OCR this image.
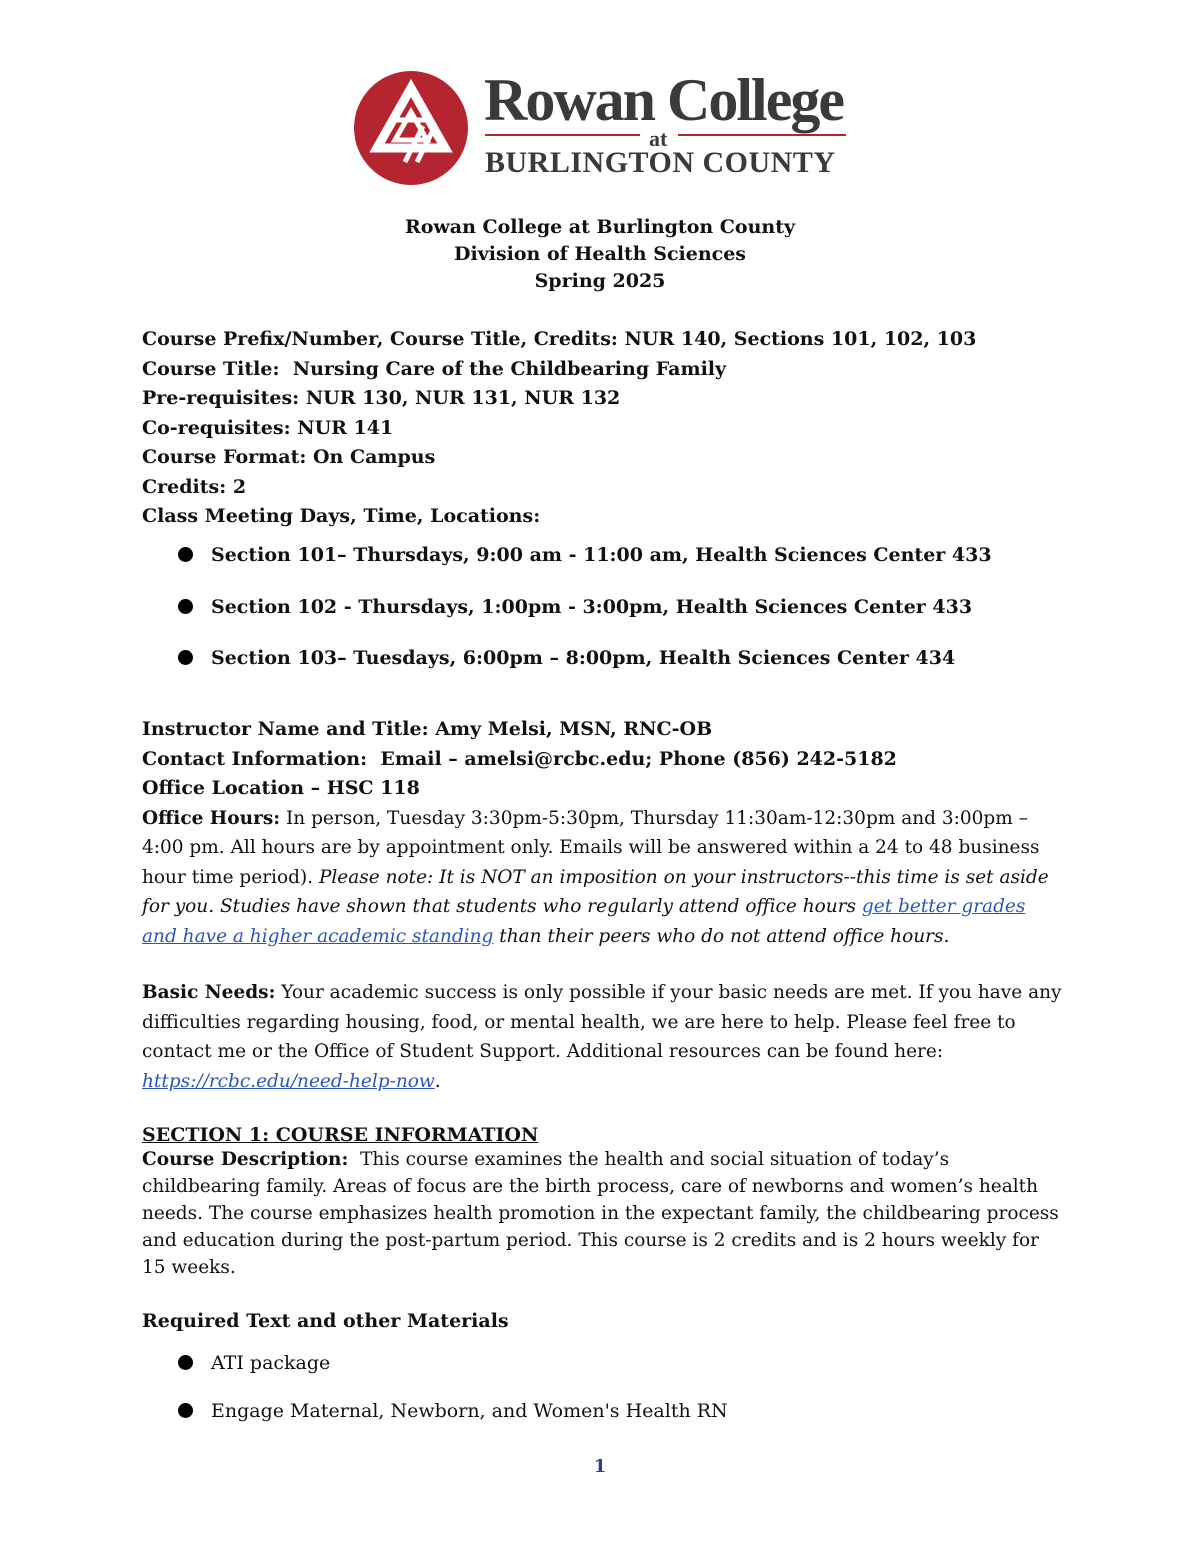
Rowan College
at
BURLINGTON COUNTY
Rowan College at Burlington County
Division of Health Sciences
Spring 2025
Course Prefix/Number, Course Title, Credits: NUR 140, Sections 101, 102, 103
Course Title: Nursing Care of the Childbearing Family
Pre-requisites: NUR 130, NUR 131, NUR 132
Co-requisites: NUR 141
Course Format: On Campus
Credits: 2
Class Meeting Days, Time, Locations:
Section 101– Thursdays, 9:00 am - 11:00 am, Health Sciences Center 433
Section 102 - Thursdays, 1:00pm - 3:00pm, Health Sciences Center 433
Section 103– Tuesdays, 6:00pm – 8:00pm, Health Sciences Center 434
Instructor Name and Title: Amy Melsi, MSN, RNC-OB
Contact Information: Email – amelsi@rcbc.edu; Phone (856) 242-5182
Office Location – HSC 118
Office Hours: In person, Tuesday 3:30pm-5:30pm, Thursday 11:30am-12:30pm and 3:00pm – 4:00 pm. All hours are by appointment only. Emails will be answered within a 24 to 48 business hour time period). Please note: It is NOT an imposition on your instructors--this time is set aside for you. Studies have shown that students who regularly attend office hours get better grades and have a higher academic standing than their peers who do not attend office hours.
Basic Needs: Your academic success is only possible if your basic needs are met. If you have any difficulties regarding housing, food, or mental health, we are here to help. Please feel free to contact me or the Office of Student Support. Additional resources can be found here: https://rcbc.edu/need-help-now.
SECTION 1: COURSE INFORMATION
Course Description: This course examines the health and social situation of today’s childbearing family. Areas of focus are the birth process, care of newborns and women’s health needs. The course emphasizes health promotion in the expectant family, the childbearing process and education during the post-partum period. This course is 2 credits and is 2 hours weekly for 15 weeks.
Required Text and other Materials
ATI package
Engage Maternal, Newborn, and Women's Health RN
1
